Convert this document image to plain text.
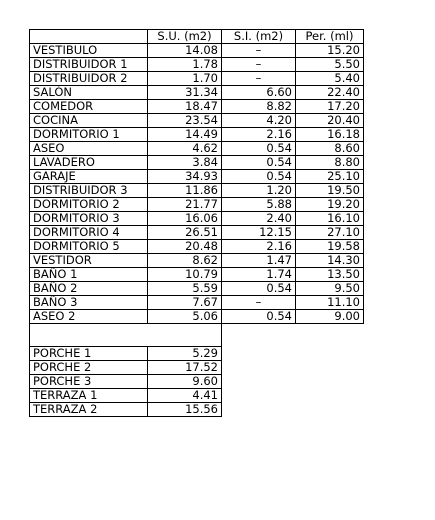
	S.U. (m2)	S.I. (m2)	Per. (ml)
VESTIBULO	14.08	–	15.20
DISTRIBUIDOR 1	1.78	–	5.50
DISTRIBUIDOR 2	1.70	–	5.40
SALÓN	31.34	6.60	22.40
COMEDOR	18.47	8.82	17.20
COCINA	23.54	4.20	20.40
DORMITORIO 1	14.49	2.16	16.18
ASEO	4.62	0.54	8.60
LAVADERO	3.84	0.54	8.80
GARAJE	34.93	0.54	25.10
DISTRIBUIDOR 3	11.86	1.20	19.50
DORMITORIO 2	21.77	5.88	19.20
DORMITORIO 3	16.06	2.40	16.10
DORMITORIO 4	26.51	12.15	27.10
DORMITORIO 5	20.48	2.16	19.58
VESTIDOR	8.62	1.47	14.30
BAÑO 1	10.79	1.74	13.50
BAÑO 2	5.59	0.54	9.50
BAÑO 3	7.67	–	11.10
ASEO 2	5.06	0.54	9.00

PORCHE 1	5.29
PORCHE 2	17.52
PORCHE 3	9.60
TERRAZA 1	4.41
TERRAZA 2	15.56
